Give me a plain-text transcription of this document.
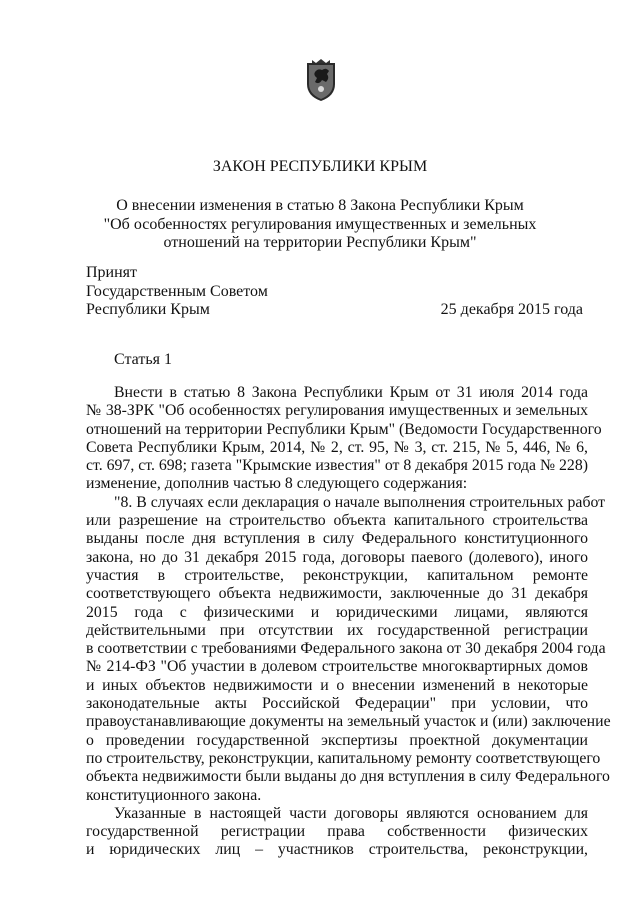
ЗАКОН РЕСПУБЛИКИ КРЫМ
О внесении изменения в статью 8 Закона Республики Крым
"Об особенностях регулирования имущественных и земельных
отношений на территории Республики Крым"
Принят
Государственным Советом
Республики Крым	25 декабря 2015 года
Статья 1
Внести в статью 8 Закона Республики Крым от 31 июля 2014 года
№ 38-ЗРК "Об особенностях регулирования имущественных и земельных
отношений на территории Республики Крым" (Ведомости Государственного
Совета Республики Крым, 2014, № 2, ст. 95, № 3, ст. 215, № 5, 446, № 6,
ст. 697, ст. 698; газета "Крымские известия" от 8 декабря 2015 года № 228)
изменение, дополнив частью 8 следующего содержания:
"8. В случаях если декларация о начале выполнения строительных работ
или разрешение на строительство объекта капитального строительства
выданы после дня вступления в силу Федерального конституционного
закона, но до 31 декабря 2015 года, договоры паевого (долевого), иного
участия в строительстве, реконструкции, капитальном ремонте
соответствующего объекта недвижимости, заключенные до 31 декабря
2015 года с физическими и юридическими лицами, являются
действительными при отсутствии их государственной регистрации
в соответствии с требованиями Федерального закона от 30 декабря 2004 года
№ 214-ФЗ "Об участии в долевом строительстве многоквартирных домов
и иных объектов недвижимости и о внесении изменений в некоторые
законодательные акты Российской Федерации" при условии, что
правоустанавливающие документы на земельный участок и (или) заключение
о проведении государственной экспертизы проектной документации
по строительству, реконструкции, капитальному ремонту соответствующего
объекта недвижимости были выданы до дня вступления в силу Федерального
конституционного закона.
Указанные в настоящей части договоры являются основанием для
государственной регистрации права собственности физических
и юридических лиц – участников строительства, реконструкции,
